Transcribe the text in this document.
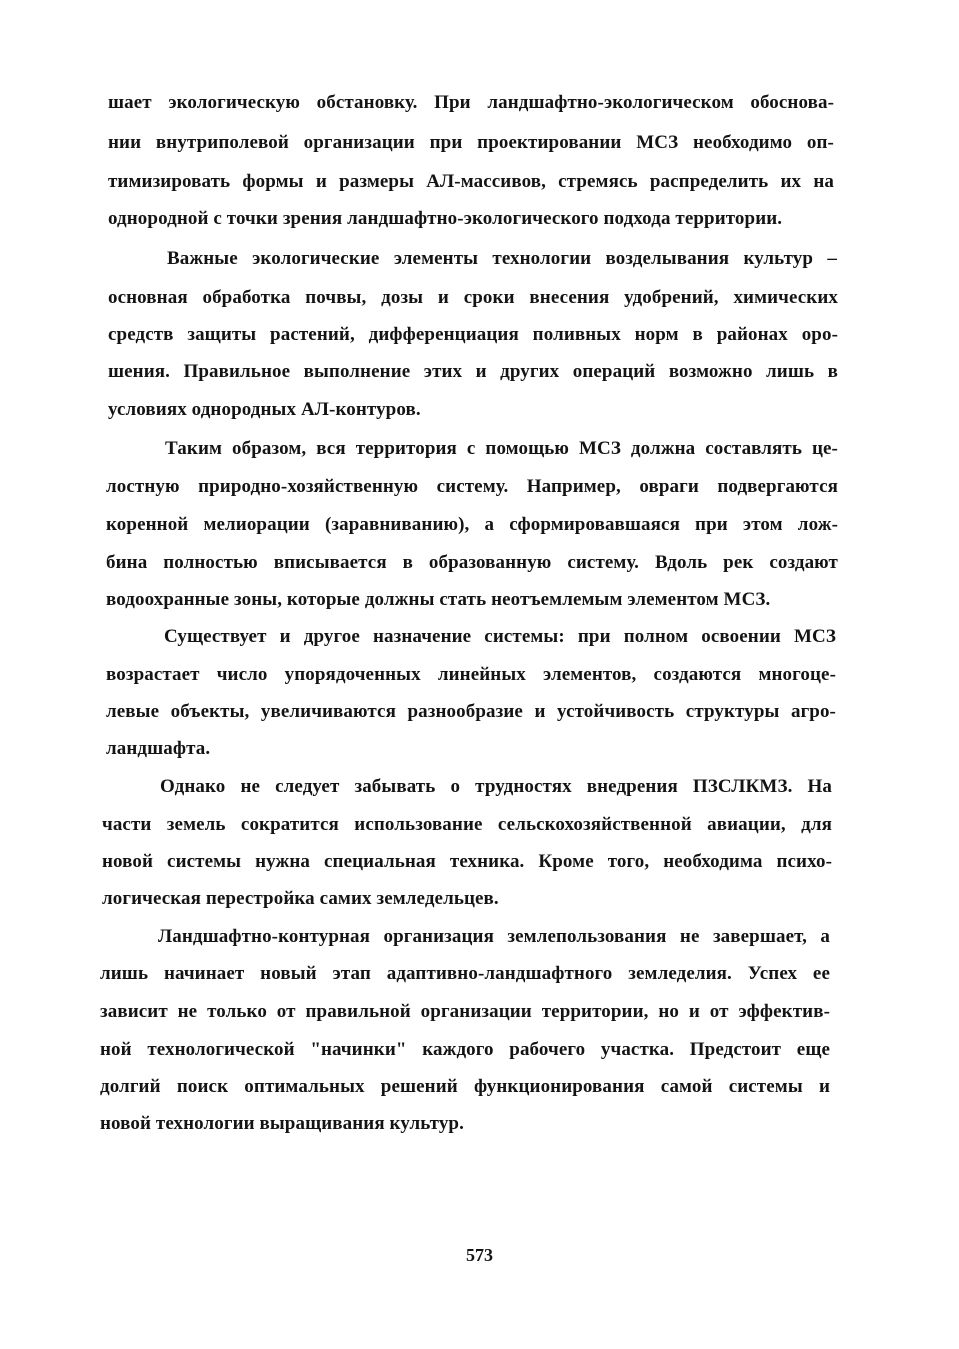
шает экологическую обстановку. При ландшафтно-экологическом обоснова-
нии внутриполевой организации при проектировании МСЗ необходимо оп-
тимизировать формы и размеры АЛ-массивов, стремясь распределить их на
однородной с точки зрения ландшафтно-экологического подхода территории.
Важные экологические элементы технологии возделывания культур –
основная обработка почвы, дозы и сроки внесения удобрений, химических
средств защиты растений, дифференциация поливных норм в районах оро-
шения. Правильное выполнение этих и других операций возможно лишь в
условиях однородных АЛ-контуров.
Таким образом, вся территория с помощью МСЗ должна составлять це-
лостную природно-хозяйственную систему. Например, овраги подвергаются
коренной мелиорации (заравниванию), а сформировавшаяся при этом лож-
бина полностью вписывается в образованную систему. Вдоль рек создают
водоохранные зоны, которые должны стать неотъемлемым элементом МСЗ.
Существует и другое назначение системы: при полном освоении МСЗ
возрастает число упорядоченных линейных элементов, создаются многоце-
левые объекты, увеличиваются разнообразие и устойчивость структуры агро-
ландшафта.
Однако не следует забывать о трудностях внедрения ПЗСЛКМЗ. На
части земель сократится использование сельскохозяйственной авиации, для
новой системы нужна специальная техника. Кроме того, необходима психо-
логическая перестройка самих земледельцев.
Ландшафтно-контурная организация землепользования не завершает, а
лишь начинает новый этап адаптивно-ландшафтного земледелия. Успех ее
зависит не только от правильной организации территории, но и от эффектив-
ной технологической "начинки" каждого рабочего участка. Предстоит еще
долгий поиск оптимальных решений функционирования самой системы и
новой технологии выращивания культур.
573
